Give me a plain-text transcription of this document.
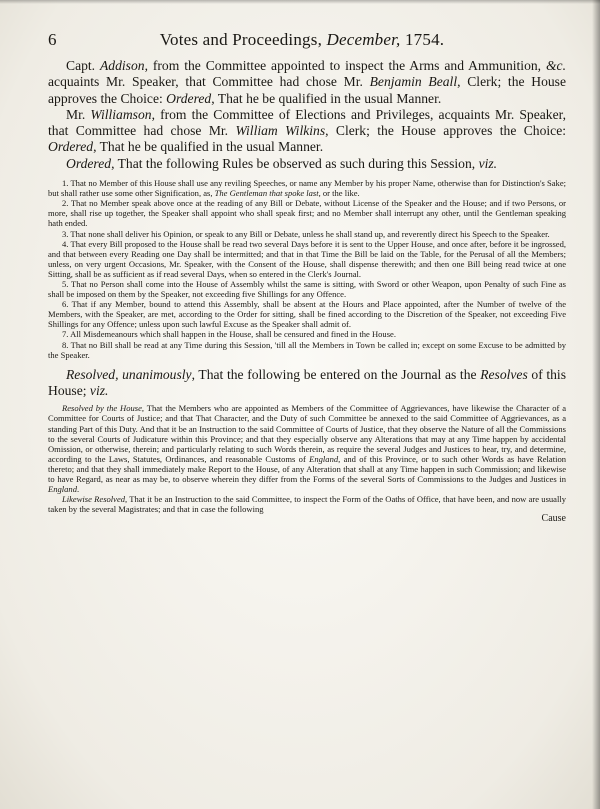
6	Votes and Proceedings, December, 1754.

Capt. Addison, from the Committee appointed to inspect the Arms and Ammunition, &c. acquaints Mr. Speaker, that Committee had chose Mr. Benjamin Beall, Clerk; the House approves the Choice: Ordered, That he be qualified in the usual Manner.

Mr. Williamson, from the Committee of Elections and Privileges, acquaints Mr. Speaker, that Committee had chose Mr. William Wilkins, Clerk; the House approves the Choice: Ordered, That he be qualified in the usual Manner.

Ordered, That the following Rules be observed as such during this Session, viz.

1. That no Member of this House shall use any reviling Speeches, or name any Member by his proper Name, otherwise than for Distinction's Sake; but shall rather use some other Signification, as, The Gentleman that spoke last, or the like.

2. That no Member speak above once at the reading of any Bill or Debate, without License of the Speaker and the House; and if two Persons, or more, shall rise up together, the Speaker shall appoint who shall speak first; and no Member shall interrupt any other, until the Gentleman speaking hath ended.

3. That none shall deliver his Opinion, or speak to any Bill or Debate, unless he shall stand up, and reverently direct his Speech to the Speaker.

4. That every Bill proposed to the House shall be read two several Days before it is sent to the Upper House, and once after, before it be ingrossed, and that between every Reading one Day shall be intermitted; and that in that Time the Bill be laid on the Table, for the Perusal of all the Members; unless, on very urgent Occasions, Mr. Speaker, with the Consent of the House, shall dispense therewith; and then one Bill being read twice at one Sitting, shall be as sufficient as if read several Days, when so entered in the Clerk's Journal.

5. That no Person shall come into the House of Assembly whilst the same is sitting, with Sword or other Weapon, upon Penalty of such Fine as shall be imposed on them by the Speaker, not exceeding five Shillings for any Offence.

6. That if any Member, bound to attend this Assembly, shall be absent at the Hours and Place appointed, after the Number of twelve of the Members, with the Speaker, are met, according to the Order for sitting, shall be fined according to the Discretion of the Speaker, not exceeding Five Shillings for any Offence; unless upon such lawful Excuse as the Speaker shall admit of.

7. All Misdemeanours which shall happen in the House, shall be censured and fined in the House.

8. That no Bill shall be read at any Time during this Session, 'till all the Members in Town be called in; except on some Excuse to be admitted by the Speaker.

Resolved, unanimously, That the following be entered on the Journal as the Resolves of this House; viz.

Resolved by the House, That the Members who are appointed as Members of the Committee of Aggrievances, have likewise the Character of a Committee for Courts of Justice; and that That Character, and the Duty of such Committee be annexed to the said Committee of Aggrievances, as a standing Part of this Duty. And that it be an Instruction to the said Committee of Courts of Justice, that they observe the Nature of all the Commissions to the several Courts of Judicature within this Province; and that they especially observe any Alterations that may at any Time happen by accidental Omission, or otherwise, therein; and particularly relating to such Words therein, as require the several Judges and Justices to hear, try, and determine, according to the Laws, Statutes, Ordinances, and reasonable Customs of England, and of this Province, or to such other Words as have Relation thereto; and that they shall immediately make Report to the House, of any Alteration that shall at any Time happen in such Commission; and likewise to have Regard, as near as may be, to observe wherein they differ from the Forms of the several Sorts of Commissions to the Judges and Justices in England.

Likewise Resolved, That it be an Instruction to the said Committee, to inspect the Form of the Oaths of Office, that have been, and now are usually taken by the several Magistrates; and that in case the following

Cause
